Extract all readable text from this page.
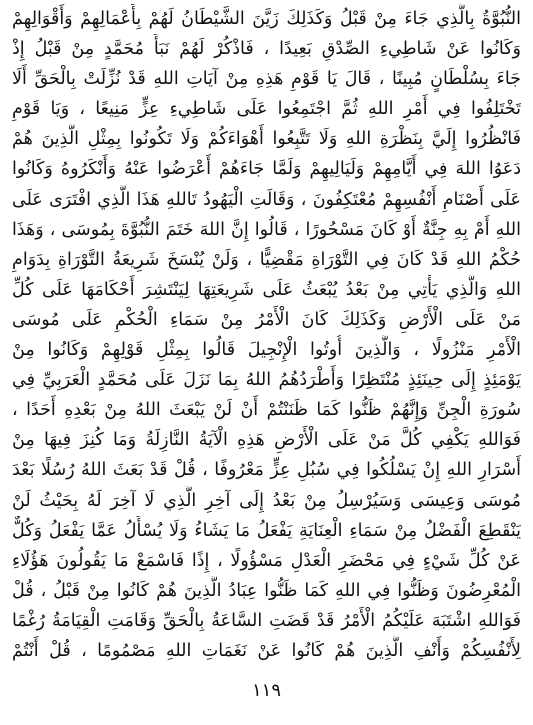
النُّبُوَّةُ بِالَّذِي جَاءَ مِنْ قَبْلُ وَكَذَلِكَ زَيَّنَ الشَّيْطَانُ لَهُمْ بِأَعْمَالِهِمْ وَأَقْوَالِهِمْ
وَكَانُوا عَنْ شَاطِيءِ الصِّدْقِ بَعِيدًا ، فَاذْكُرْ لَهُمْ نَبَأَ مُحَمَّدٍ مِنْ قَبْلُ إِذْ
جَاءَ بِسُلْطَانٍ مُبِينًا ، قَالَ يَا قَوْمِ هَذِهِ مِنْ آيَاتِ اللهِ قَدْ نُزِّلَتْ بِالْحَقِّ أَلَا
تَخْتَلِفُوا فِي أَمْرِ اللهِ ثُمَّ اجْتَمِعُوا عَلَى شَاطِيءِ عِزٍّ مَنِيعًا ، وَيَا قَوْمِ
فَانْظُرُوا إِلَيَّ بِنَظْرَةِ اللهِ وَلَا تَتَّبِعُوا أَهْوَاءَكُمْ وَلَا تَكُونُوا بِمِثْلِ الَّذِينَ هُمْ
دَعَوُا اللهَ فِي أَيَّامِهِمْ وَلَيَالِيهِمْ وَلَمَّا جَاءَهُمْ أَعْرَضُوا عَنْهُ وَأَنْكَرُوهُ وَكَانُوا
عَلَى أَصْنَامِ أَنْفُسِهِمْ مُعْتَكِفُونَ ، وَقَالَتِ الْيَهُودُ تَاللهِ هَذَا الَّذِي افْتَرَى عَلَى
اللهِ أَمْ بِهِ جِنَّةٌ أَوْ كَانَ مَسْحُورًا ، قَالُوا إِنَّ اللهَ خَتَمَ النُّبُوَّةَ بِمُوسَى ، وَهَذَا
حُكْمُ اللهِ قَدْ كَانَ فِي التَّوْرَاةِ مَقْضِيًّا ، وَلَنْ يُنْسَخَ شَرِيعَةُ التَّوْرَاةِ بِدَوَامِ
اللهِ وَالَّذِي يَأْتِي مِنْ بَعْدُ يُبْعَثُ عَلَى شَرِيعَتِهَا لِيَنْتَشِرَ أَحْكَامَهَا عَلَى كُلِّ
مَنْ عَلَى الْأَرْضِ وَكَذَلِكَ كَانَ الْأَمْرُ مِنْ سَمَاءِ الْحُكْمِ عَلَى مُوسَى
الْأَمْرِ مَنْزُولًا ، وَالَّذِينَ أُوتُوا الْإِنْجِيلَ قَالُوا بِمِثْلِ قَوْلِهِمْ وَكَانُوا مِنْ
يَوْمَئِذٍ إِلَى حِينَئِذٍ مُنْتَظِرًا وَأَطْرَدُهُمُ اللهُ بِمَا نَزَلَ عَلَى مُحَمَّدٍ الْعَرَبِيِّ فِي
سُورَةِ الْجِنِّ وَإِنَّهُمْ ظَنُّوا كَمَا ظَنَنْتُمْ أَنْ لَنْ يَبْعَثَ اللهُ مِنْ بَعْدِهِ أَحَدًا ،
فَوَاللهِ يَكْفِي كُلَّ مَنْ عَلَى الْأَرْضِ هَذِهِ الْآيَةُ النَّازِلَةُ وَمَا كُنِزَ فِيهَا مِنْ
أَسْرَارِ اللهِ إِنْ يَسْلُكُوا فِي سُبُلِ عِزٍّ مَعْرُوفًا ، قُلْ قَدْ بَعَثَ اللهُ رُسُلًا بَعْدَ
مُوسَى وَعِيسَى وَسَيُرْسِلُ مِنْ بَعْدُ إِلَى آخِرِ الَّذِي لَا آخِرَ لَهُ بِحَيْثُ لَنْ
يَنْقَطِعَ الْفَضْلُ مِنْ سَمَاءِ الْعِنَايَةِ يَفْعَلُ مَا يَشَاءُ وَلَا يُسْأَلُ عَمَّا يَفْعَلُ وَكُلٌّ
عَنْ كُلِّ شَيْءٍ فِي مَحْضَرِ الْعَدْلِ مَسْؤُولًا ، إِذًا فَاسْمَعْ مَا يَقُولُونَ هَؤُلَاءِ
الْمُعْرِضُونَ وَظَنُّوا فِي اللهِ كَمَا ظَنُّوا عِبَادُ الَّذِينَ هُمْ كَانُوا مِنْ قَبْلُ ، قُلْ
فَوَاللهِ اشْتَبَهَ عَلَيْكُمُ الْأَمْرُ قَدْ قَضَتِ السَّاعَةُ بِالْحَقِّ وَقَامَتِ الْقِيَامَةُ رُغْمًا
لِأَنْفُسِكُمْ وَأَنْفِ الَّذِينَ هُمْ كَانُوا عَنْ نَغَمَاتِ اللهِ مَصْمُومًا ، قُلْ أَنْتُمْ
١١٩
